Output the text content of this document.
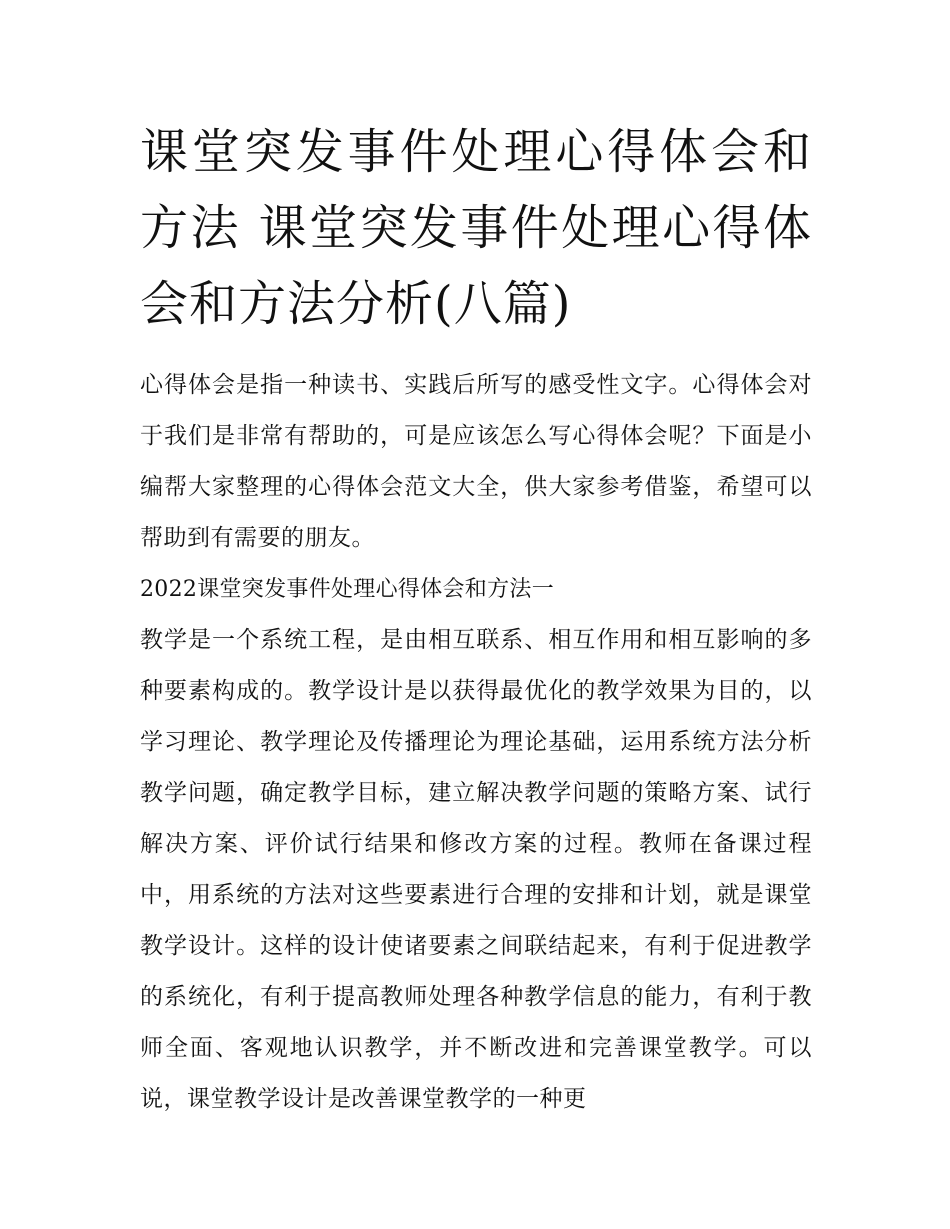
课堂突发事件处理心得体会和方法 课堂突发事件处理心得体会和方法分析(八篇)

心得体会是指一种读书、实践后所写的感受性文字。心得体会对于我们是非常有帮助的，可是应该怎么写心得体会呢？下面是小编帮大家整理的心得体会范文大全，供大家参考借鉴，希望可以帮助到有需要的朋友。

2022课堂突发事件处理心得体会和方法一

教学是一个系统工程，是由相互联系、相互作用和相互影响的多种要素构成的。教学设计是以获得最优化的教学效果为目的，以学习理论、教学理论及传播理论为理论基础，运用系统方法分析教学问题，确定教学目标，建立解决教学问题的策略方案、试行解决方案、评价试行结果和修改方案的过程。教师在备课过程中，用系统的方法对这些要素进行合理的安排和计划，就是课堂教学设计。这样的设计使诸要素之间联结起来，有利于促进教学的系统化，有利于提高教师处理各种教学信息的能力，有利于教师全面、客观地认识教学，并不断改进和完善课堂教学。可以说，课堂教学设计是改善课堂教学的一种更
